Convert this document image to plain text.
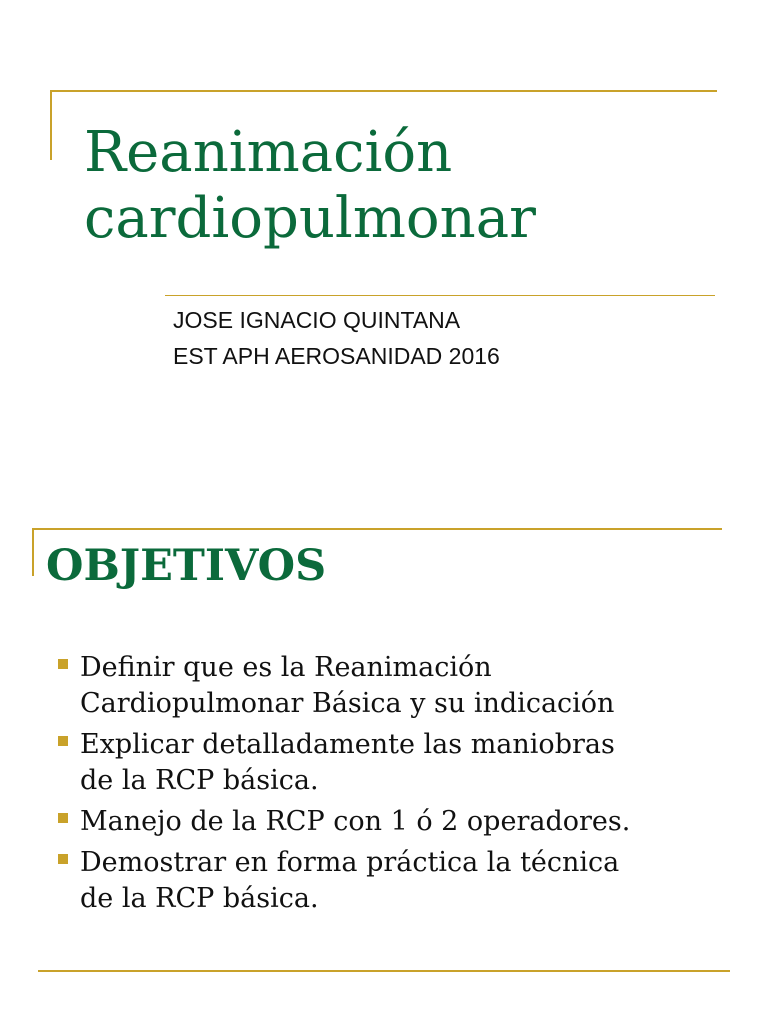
Reanimación
cardiopulmonar
JOSE IGNACIO QUINTANA
EST APH AEROSANIDAD 2016
OBJETIVOS
Definir que es la Reanimación
Cardiopulmonar Básica y su indicación
Explicar detalladamente las maniobras
de la RCP básica.
Manejo de la RCP con 1 ó 2 operadores.
Demostrar en forma práctica la técnica
de la RCP básica.
